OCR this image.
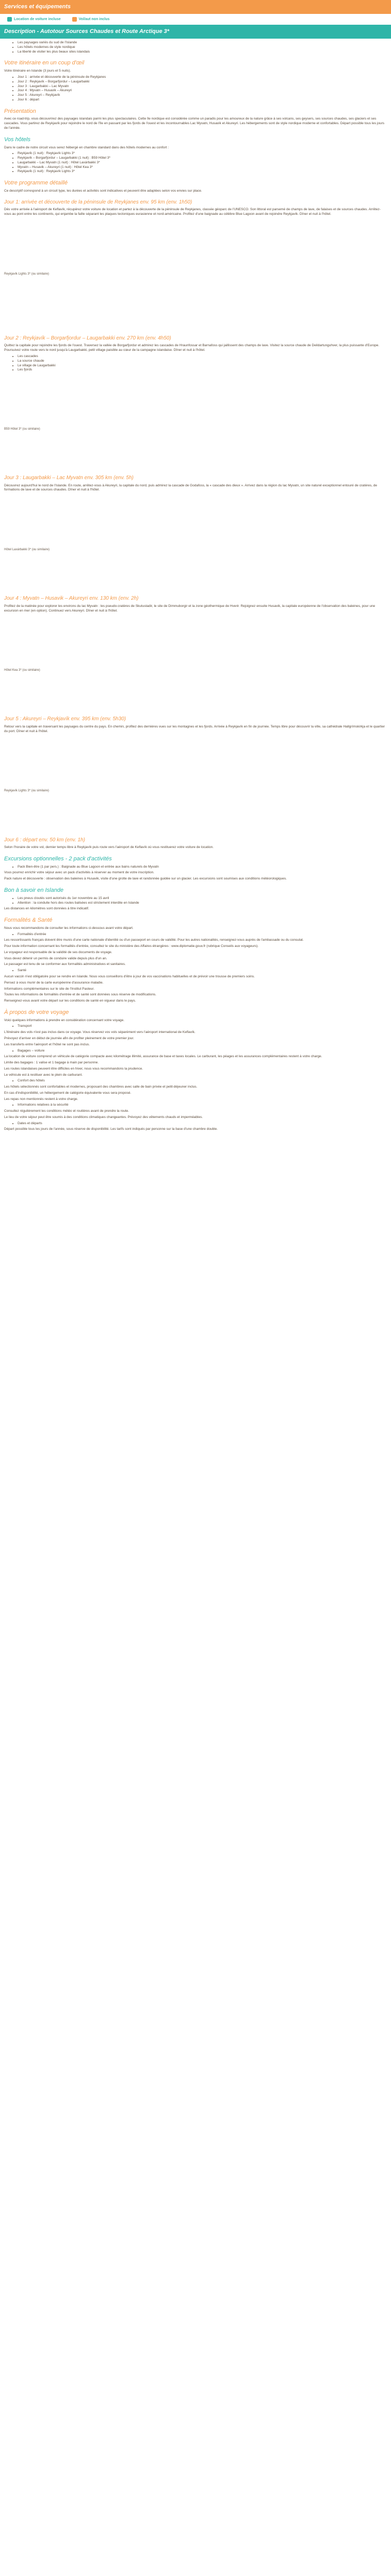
Services et équipements
Location de voiture incluse	Vol/aut non inclus
Description - Autotour Sources Chaudes et Route Arctique 3*
• Les paysages variés du sud de l'Islande
• Les hôtels modernes de style nordique
• La liberté de visiter les plus beaux sites islandais
Votre itinéraire en un coup d'œil

Votre itinéraire en Islande (3 jours et 5 nuits).

• Jour 1 : arrivée et découverte de la péninsule de Reykjanes
• Jour 2 : Reykjavík – Borgarfjordur – Laugarbakki
• Jour 3 : Laugarbakki – Lac Myvatn
• Jour 4 : Myvatn – Husavik – Akureyri
• Jour 5 : Akureyri – Reykjavík
• Jour 6 : départ
Présentation

Avec ce road-trip, vous découvrirez des paysages islandais parmi les plus spectaculaires. Cette île nordique est considérée comme un paradis pour les amoureux de la nature grâce à ses volcans, ses geysers, ses sources chaudes, ses glaciers et ses cascades. Vous partirez de Reykjavík pour rejoindre le nord de l'île en passant par les fjords de l'ouest et les incontournables Lac Myvatn, Husavik et Akureyri. Les hébergements sont de style nordique moderne et confortables. Départ possible tous les jours de l'année.

Vos hôtels

Dans le cadre de notre circuit vous serez hébergé en chambre standard dans des hôtels modernes au confort :

• Reykjavík (1 nuit) : Reykjavík Lights 3*
• Reykjavík – Borgarfjordur – Laugarbakki (1 nuit) : B59 Hôtel 3*
• Laugarbakki – Lac Myvatn (1 nuit) : Hôtel Laxárbakki 3*
• Myvatn – Husavik – Akureyri (1 nuit) : Hôtel Kea 3*
• Reykjavík (1 nuit) : Reykjavík Lights 3*
Votre programme détaillé

Ce descriptif correspond à un circuit type, les durées et activités sont indicatives et peuvent être adaptées selon vos envies sur place.

Jour 1: arrivée et découverte de la péninsule de Reykjanes env. 95 km (env. 1h50)

Dès votre arrivée à l'aéroport de Keflavík, récupérez votre voiture de location et partez à la découverte de la péninsule de Reykjanes, classée géoparc de l'UNESCO. Son littoral est parsemé de champs de lave, de falaises et de sources chaudes. Arrêtez-vous au pont entre les continents, qui enjambe la faille séparant les plaques tectoniques eurasienne et nord-américaine. Profitez d'une baignade au célèbre Blue Lagoon avant de rejoindre Reykjavík. Dîner et nuit à l'hôtel.

Reykjavík Lights 3* (ou similaire)

Jour 2 : Reykjavík – Borgarfjordur – Laugarbakki env. 270 km (env. 4h50)

Quittez la capitale pour rejoindre les fjords de l'ouest. Traversez la vallée de Borgarfjordur et admirez les cascades de Hraunfossar et Barnafoss qui jaillissent des champs de lave. Visitez la source chaude de Deildartunguhver, la plus puissante d'Europe. Poursuivez votre route vers le nord jusqu'à Laugarbakki, petit village paisible au cœur de la campagne islandaise. Dîner et nuit à l'hôtel.

• Les cascades
• La source chaude
• Le village de Laugarbakki
• Les fjords

B59 Hôtel 3* (ou similaire)

Jour 3 : Laugarbakki – Lac Myvatn env. 305 km (env. 5h)

Découvrez aujourd'hui le nord de l'Islande. En route, arrêtez-vous à Akureyri, la capitale du nord, puis admirez la cascade de Godafoss, la « cascade des dieux ». Arrivez dans la région du lac Myvatn, un site naturel exceptionnel entouré de cratères, de formations de lave et de sources chaudes. Dîner et nuit à l'hôtel.

Hôtel Laxárbakki 3* (ou similaire)

Jour 4 : Myvatn – Husavik – Akureyri env. 130 km (env. 2h)

Profitez de la matinée pour explorer les environs du lac Myvatn : les pseudo-cratères de Skutustadir, le site de Dimmuborgir et la zone géothermique de Hverir. Rejoignez ensuite Husavik, la capitale européenne de l'observation des baleines, pour une excursion en mer (en option). Continuez vers Akureyri. Dîner et nuit à l'hôtel.

Hôtel Kea 3* (ou similaire)

Jour 5 : Akureyri – Reykjavík env. 395 km (env. 5h30)

Retour vers la capitale en traversant les paysages du centre du pays. En chemin, profitez des dernières vues sur les montagnes et les fjords. Arrivée à Reykjavík en fin de journée. Temps libre pour découvrir la ville, sa cathédrale Hallgrímskirkja et le quartier du port. Dîner et nuit à l'hôtel.

Reykjavík Lights 3* (ou similaire)

Jour 6 : départ env. 50 km (env. 1h)

Selon l'horaire de votre vol, dernier temps libre à Reykjavík puis route vers l'aéroport de Keflavík où vous restituerez votre voiture de location.

Excursions optionnelles - 2 pack d'activités
• Pack Bien-être (1 par pers.) : Baignade au Blue Lagoon et entrée aux bains naturels de Myvatn

Vous pourrez enrichir votre séjour avec un pack d'activités à réserver au moment de votre inscription.

Pack nature et découverte : observation des baleines à Husavik, visite d'une grotte de lave et randonnée guidée sur un glacier. Les excursions sont soumises aux conditions météorologiques.

Bon à savoir en Islande
• Les pneus cloutés sont autorisés du 1er novembre au 15 avril
• Attention : la conduite hors des routes balisées est strictement interdite en Islande

Les distances en kilomètres sont données à titre indicatif.

Formalités & Santé

Nous vous recommandons de consulter les informations ci-dessous avant votre départ.

• Formalités d'entrée

Les ressortissants français doivent être munis d'une carte nationale d'identité ou d'un passeport en cours de validité. Pour les autres nationalités, renseignez-vous auprès de l'ambassade ou du consulat.

Pour toute information concernant les formalités d'entrée, consultez le site du ministère des Affaires étrangères : www.diplomatie.gouv.fr (rubrique Conseils aux voyageurs).

Le voyageur est responsable de la validité de ses documents de voyage.

Vous devez détenir un permis de conduire valide depuis plus d'un an.

Le passager est tenu de se conformer aux formalités administratives et sanitaires.

• Santé

Aucun vaccin n'est obligatoire pour se rendre en Islande. Nous vous conseillons d'être à jour de vos vaccinations habituelles et de prévoir une trousse de premiers soins.

Pensez à vous munir de la carte européenne d'assurance maladie.

Informations complémentaires sur le site de l'Institut Pasteur.

Toutes les informations de formalités d'entrée et de santé sont données sous réserve de modifications.

Renseignez-vous avant votre départ sur les conditions de santé en vigueur dans le pays.

À propos de votre voyage

Voici quelques informations à prendre en considération concernant votre voyage.

• Transport

L'itinéraire des vols n'est pas inclus dans ce voyage. Vous réservez vos vols séparément vers l'aéroport international de Keflavík.

Prévoyez d'arriver en début de journée afin de profiter pleinement de votre premier jour.

Les transferts entre l'aéroport et l'hôtel ne sont pas inclus.

• Bagages – voiture

La location de voiture comprend un véhicule de catégorie compacte avec kilométrage illimité, assurance de base et taxes locales. Le carburant, les péages et les assurances complémentaires restent à votre charge.

Limite des bagages : 1 valise et 1 bagage à main par personne.

Les routes islandaises peuvent être difficiles en hiver, nous vous recommandons la prudence.

Le véhicule est à restituer avec le plein de carburant.

• Confort des hôtels

Les hôtels sélectionnés sont confortables et modernes, proposant des chambres avec salle de bain privée et petit-déjeuner inclus.

En cas d'indisponibilité, un hébergement de catégorie équivalente vous sera proposé.

Les repas non mentionnés restent à votre charge.

• Informations relatives à la sécurité

Consultez régulièrement les conditions météo et routières avant de prendre la route.

Le lieu de votre séjour peut être soumis à des conditions climatiques changeantes. Prévoyez des vêtements chauds et imperméables.

• Dates et départs

Départ possible tous les jours de l'année, sous réserve de disponibilité. Les tarifs sont indiqués par personne sur la base d'une chambre double.
